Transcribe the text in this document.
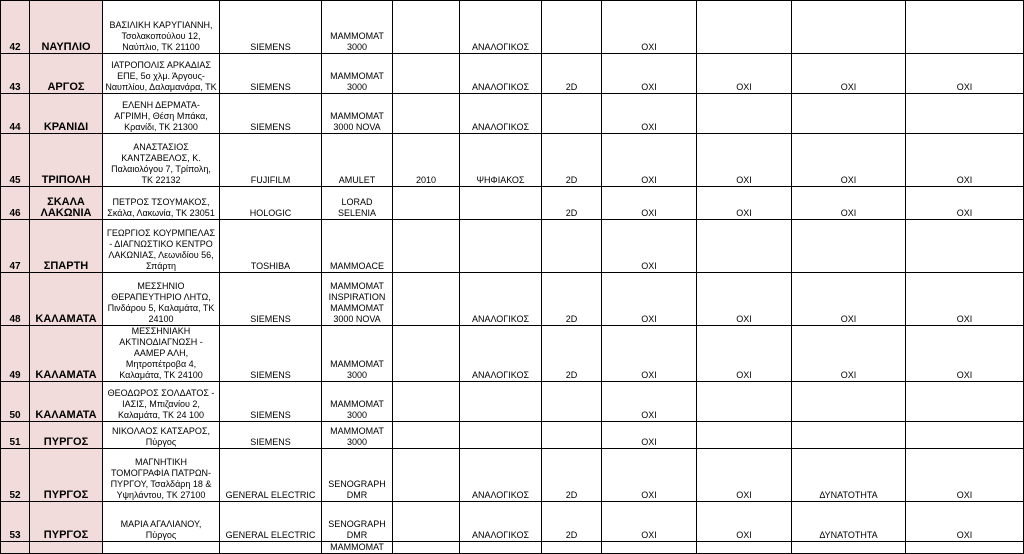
42	ΝΑΥΠΛΙΟ	ΒΑΣΙΛΙΚΗ ΚΑΡΥΓΙΑΝΝΗ, Τσολακοπούλου 12, Ναύπλιο, ΤΚ 21100	SIEMENS	MAMMOMAT 3000		ΑΝΑΛΟΓΙΚΟΣ		ΟΧΙ			
43	ΑΡΓΟΣ	ΙΑΤΡΟΠΟΛΙΣ ΑΡΚΑΔΙΑΣ ΕΠΕ, 5ο χλμ. Άργους-Ναυπλίου, Δαλαμανάρα, ΤΚ	SIEMENS	MAMMOMAT 3000		ΑΝΑΛΟΓΙΚΟΣ	2D	ΟΧΙ	ΟΧΙ	ΟΧΙ	ΟΧΙ
44	ΚΡΑΝΙΔΙ	ΕΛΕΝΗ ΔΕΡΜΑΤΑ-ΑΓΡΙΜΗ, Θέση Μπάκα, Κρανίδι, ΤΚ 21300	SIEMENS	MAMMOMAT 3000 NOVA		ΑΝΑΛΟΓΙΚΟΣ		ΟΧΙ			
45	ΤΡΙΠΟΛΗ	ΑΝΑΣΤΑΣΙΟΣ ΚΑΝΤΖΑΒΕΛΟΣ, Κ. Παλαιολόγου 7, Τρίπολη, ΤΚ 22132	FUJIFILM	AMULET	2010	ΨΗΦΙΑΚΟΣ	2D	ΟΧΙ	ΟΧΙ	ΟΧΙ	ΟΧΙ
46	ΣΚΑΛΑ ΛΑΚΩΝΙΑ	ΠΕΤΡΟΣ ΤΣΟΥΜΑΚΟΣ, Σκάλα, Λακωνία, ΤΚ 23051	HOLOGIC	LORAD SELENIA			2D	ΟΧΙ	ΟΧΙ	ΟΧΙ	ΟΧΙ
47	ΣΠΑΡΤΗ	ΓΕΩΡΓΙΟΣ ΚΟΥΡΜΠΕΛΑΣ - ΔΙΑΓΝΩΣΤΙΚΟ ΚΕΝΤΡΟ ΛΑΚΩΝΙΑΣ, Λεωνιδίου 56, Σπάρτη	TOSHIBA	MAMMOACE				ΟΧΙ			
48	ΚΑΛΑΜΑΤΑ	ΜΕΣΣΗΝΙΟ ΘΕΡΑΠΕΥΤΗΡΙΟ ΛΗΤΩ, Πινδάρου 5, Καλαμάτα, ΤΚ 24100	SIEMENS	MAMMOMAT INSPIRATION MAMMOMAT 3000 NOVA		ΑΝΑΛΟΓΙΚΟΣ	2D	ΟΧΙ	ΟΧΙ	ΟΧΙ	ΟΧΙ
49	ΚΑΛΑΜΑΤΑ	ΜΕΣΣΗΝΙΑΚΗ ΑΚΤΙΝΟΔΙΑΓΝΩΣΗ - ΑΑΜΕΡ ΑΛΗ, Μητροπέτροβα 4, Καλαμάτα, ΤΚ 24100	SIEMENS	MAMMOMAT 3000		ΑΝΑΛΟΓΙΚΟΣ	2D	ΟΧΙ	ΟΧΙ	ΟΧΙ	ΟΧΙ
50	ΚΑΛΑΜΑΤΑ	ΘΕΟΔΩΡΟΣ ΣΟΛΔΑΤΟΣ - ΙΑΣΙΣ, Μπιζανίου 2, Καλαμάτα, ΤΚ 24 100	SIEMENS	MAMMOMAT 3000				ΟΧΙ			
51	ΠΥΡΓΟΣ	ΝΙΚΟΛΑΟΣ ΚΑΤΣΑΡΟΣ, Πύργος	SIEMENS	MAMMOMAT 3000				ΟΧΙ			
52	ΠΥΡΓΟΣ	ΜΑΓΝΗΤΙΚΗ ΤΟΜΟΓΡΑΦΙΑ ΠΑΤΡΩΝ-ΠΥΡΓΟΥ, Τσαλδάρη 18 & Υψηλάντου, ΤΚ 27100	GENERAL ELECTRIC	SENOGRAPH DMR		ΑΝΑΛΟΓΙΚΟΣ	2D	ΟΧΙ	ΟΧΙ	ΔΥΝΑΤΟΤΗΤΑ	ΟΧΙ
53	ΠΥΡΓΟΣ	ΜΑΡΙΑ ΑΓΑΛΙΑΝΟΥ, Πύργος	GENERAL ELECTRIC	SENOGRAPH DMR		ΑΝΑΛΟΓΙΚΟΣ	2D	ΟΧΙ	ΟΧΙ	ΔΥΝΑΤΟΤΗΤΑ	ΟΧΙ
				MAMMOMAT							
